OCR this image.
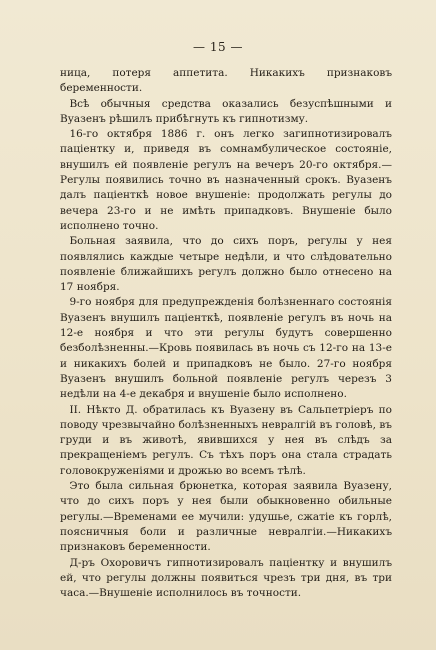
— 15 —

ница, потеря аппетита. Никакихъ признаковъ беременности.

Всѣ обычныя средства оказались безуспѣшными и Вуазенъ рѣшилъ прибѣгнуть къ гипнотизму.

16-го октября 1886 г. онъ легко загипнотизировалъ пацiентку и, приведя въ сомнамбулическое состоянiе, внушилъ ей появленiе регулъ на вечеръ 20-го октября.— Регулы появились точно въ назначенный срокъ. Вуазенъ далъ пацiенткѣ новое внушенiе: продолжать регулы до вечера 23-го и не имѣть припадковъ. Внушенiе было исполнено точно.

Больная заявила, что до сихъ поръ, регулы у нея появлялись каждые четыре недѣли, и что слѣдовательно появленiе ближайшихъ регулъ должно было отнесено на 17 ноября.

9-го ноября для предупрежденiя болѣзненнаго состоянiя Вуазенъ внушилъ пацiенткѣ, появленiе регулъ въ ночь на 12-е ноября и что эти регулы будутъ совершенно безболѣзненны.—Кровь появилась въ ночь съ 12-го на 13-е и никакихъ болей и припадковъ не было. 27-го ноября Вуазенъ внушилъ больной появленiе регулъ черезъ 3 недѣли на 4-е декабря и внушенiе было исполнено.

II. Нѣкто Д. обратилась къ Вуазену въ Сальпетрiеръ по поводу чрезвычайно болѣзненныхъ невралгiй въ головѣ, въ груди и въ животѣ, явившихся у нея въ слѣдъ за прекращенiемъ регулъ. Съ тѣхъ поръ она стала страдать головокруженiями и дрожью во всемъ тѣлѣ.

Это была сильная брюнетка, которая заявила Вуазену, что до сихъ поръ у нея были обыкновенно обильные регулы.—Временами ее мучили: удушье, сжатiе къ горлѣ, поясничныя боли и различные невралгiи.—Никакихъ признаковъ беременности.

Д-ръ Охоровичъ гипнотизировалъ пацiентку и внушилъ ей, что регулы должны появиться чрезъ три дня, въ три часа.—Внушенiе исполнилось въ точности.
